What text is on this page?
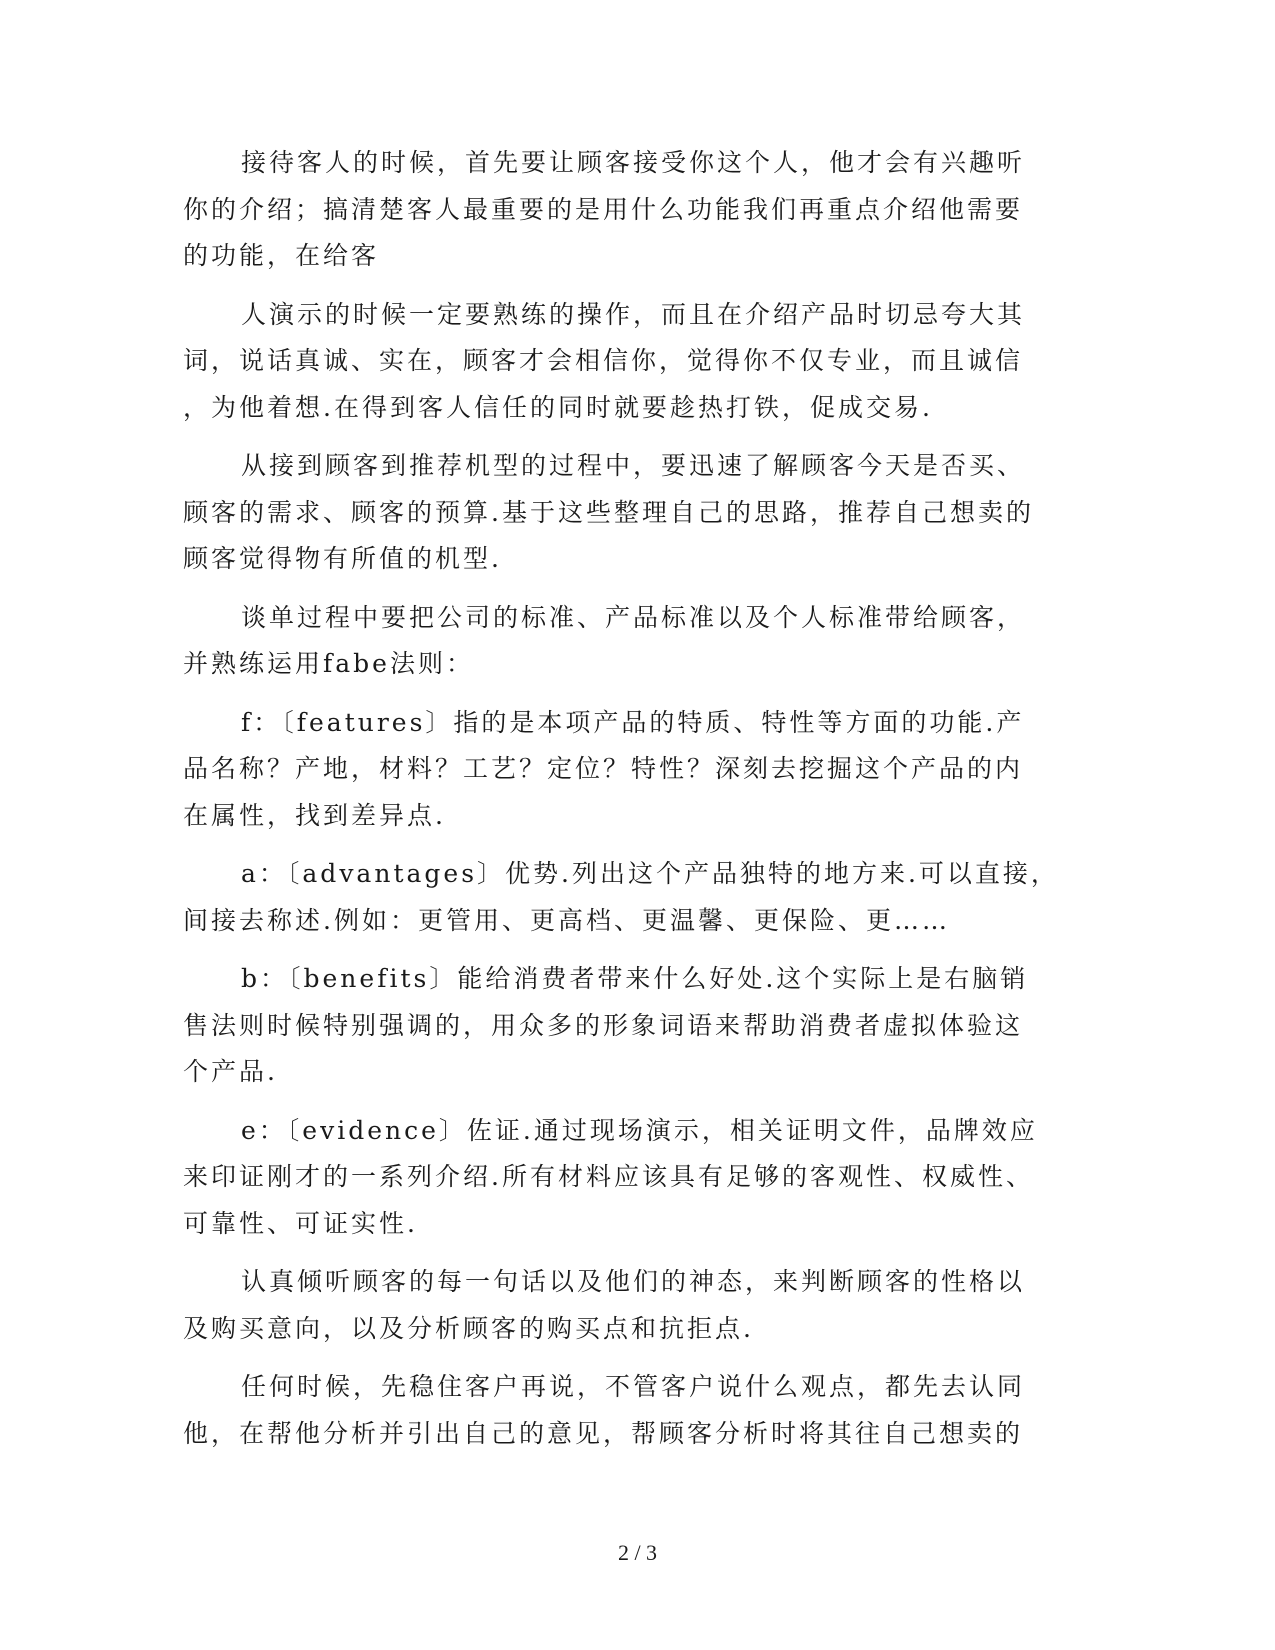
接待客人的时候，首先要让顾客接受你这个人，他才会有兴趣听
你的介绍；搞清楚客人最重要的是用什么功能我们再重点介绍他需要
的功能，在给客

人演示的时候一定要熟练的操作，而且在介绍产品时切忌夸大其
词，说话真诚、实在，顾客才会相信你，觉得你不仅专业，而且诚信
，为他着想.在得到客人信任的同时就要趁热打铁，促成交易.

从接到顾客到推荐机型的过程中，要迅速了解顾客今天是否买、
顾客的需求、顾客的预算.基于这些整理自己的思路，推荐自己想卖的
顾客觉得物有所值的机型.

谈单过程中要把公司的标准、产品标准以及个人标准带给顾客，
并熟练运用fabe法则：

f：〔features〕指的是本项产品的特质、特性等方面的功能.产
品名称？产地，材料？工艺？定位？特性？深刻去挖掘这个产品的内
在属性，找到差异点.

a：〔advantages〕优势.列出这个产品独特的地方来.可以直接，
间接去称述.例如：更管用、更高档、更温馨、更保险、更……

b：〔benefits〕能给消费者带来什么好处.这个实际上是右脑销
售法则时候特别强调的，用众多的形象词语来帮助消费者虚拟体验这
个产品.

e：〔evidence〕佐证.通过现场演示，相关证明文件，品牌效应
来印证刚才的一系列介绍.所有材料应该具有足够的客观性、权威性、
可靠性、可证实性.

认真倾听顾客的每一句话以及他们的神态，来判断顾客的性格以
及购买意向，以及分析顾客的购买点和抗拒点.

任何时候，先稳住客户再说，不管客户说什么观点，都先去认同
他，在帮他分析并引出自己的意见，帮顾客分析时将其往自己想卖的

2 / 3
